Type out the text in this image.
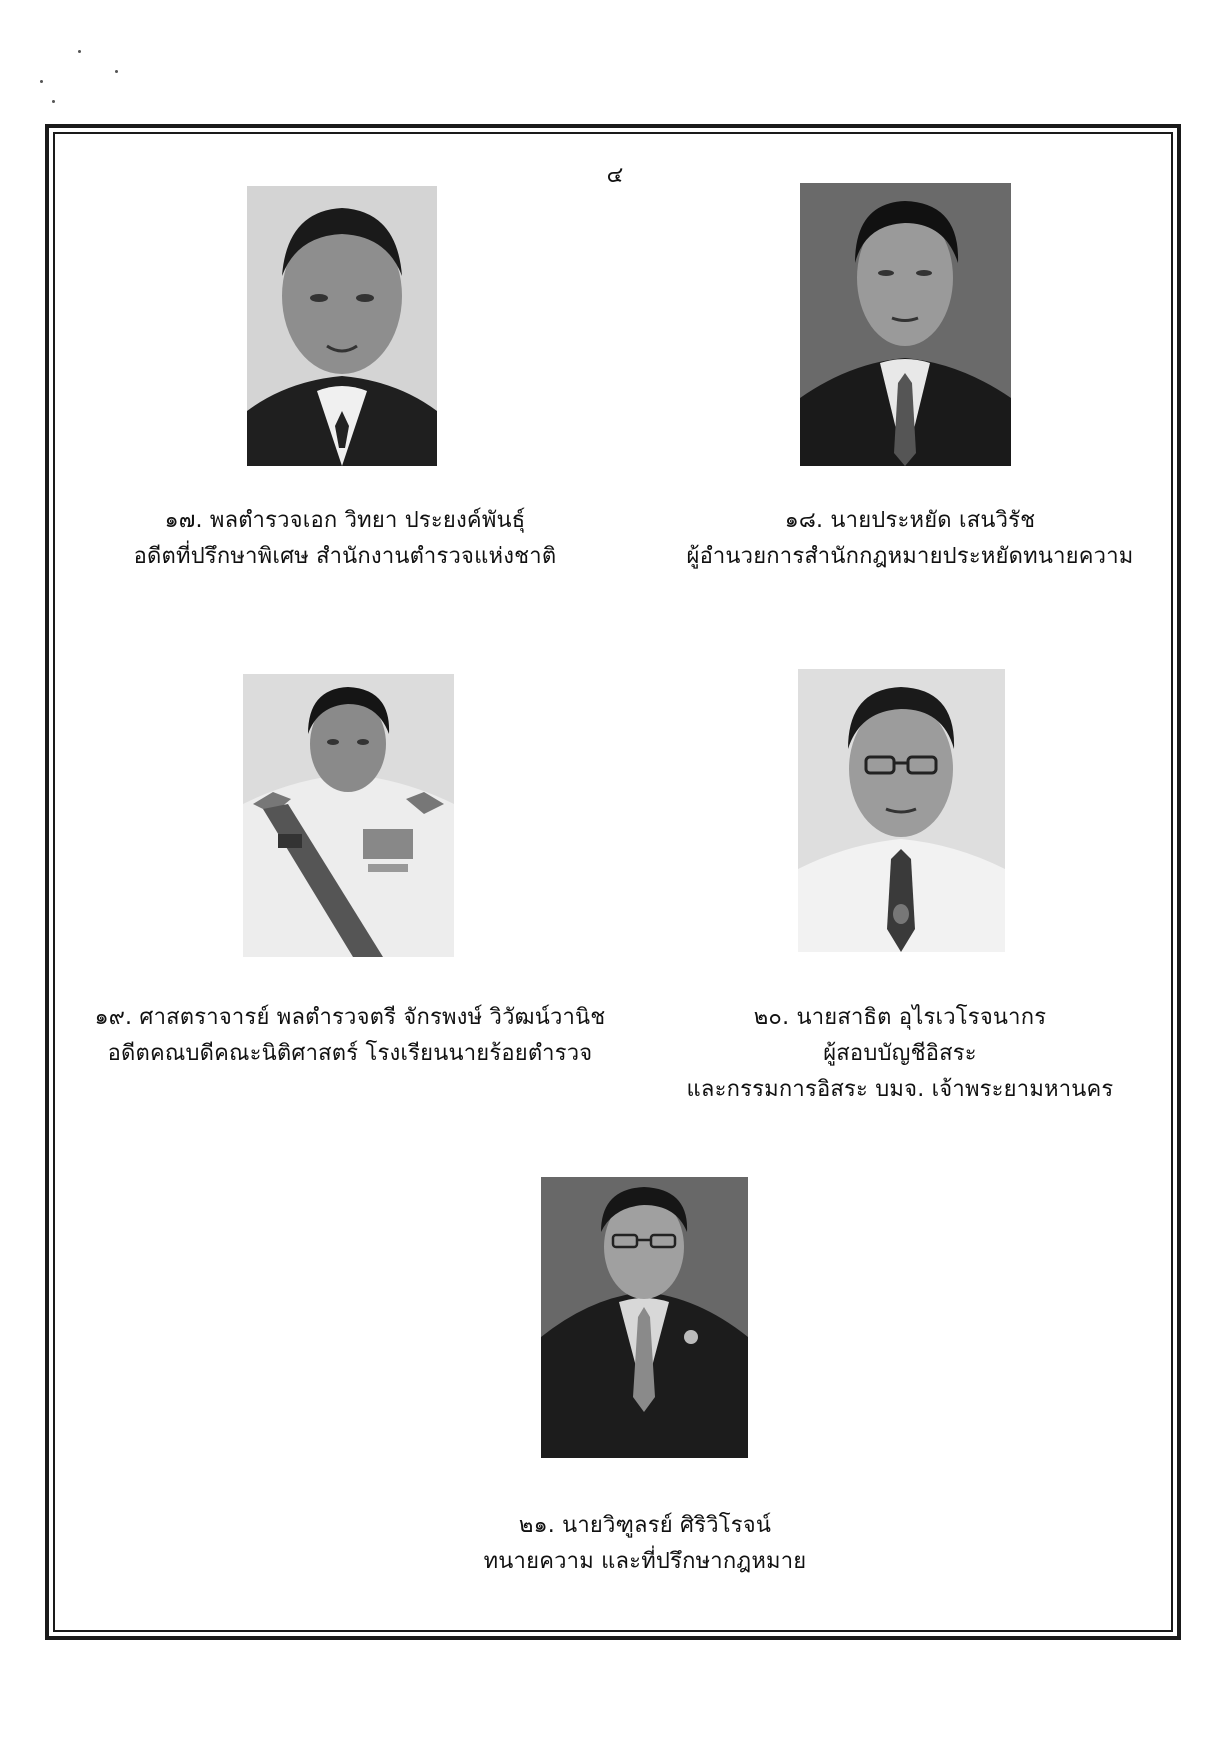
๔
๑๗. พลตำรวจเอก วิทยา ประยงค์พันธุ์
อดีตที่ปรึกษาพิเศษ สำนักงานตำรวจแห่งชาติ
๑๘. นายประหยัด เสนวิรัช
ผู้อำนวยการสำนักกฎหมายประหยัดทนายความ
๑๙. ศาสตราจารย์ พลตำรวจตรี จักรพงษ์ วิวัฒน์วานิช
อดีตคณบดีคณะนิติศาสตร์ โรงเรียนนายร้อยตำรวจ
๒๐. นายสาธิต อุไรเวโรจนากร
ผู้สอบบัญชีอิสระ
และกรรมการอิสระ บมจ. เจ้าพระยามหานคร
๒๑. นายวิฑูลรย์ ศิริวิโรจน์
ทนายความ และที่ปรึกษากฎหมาย
